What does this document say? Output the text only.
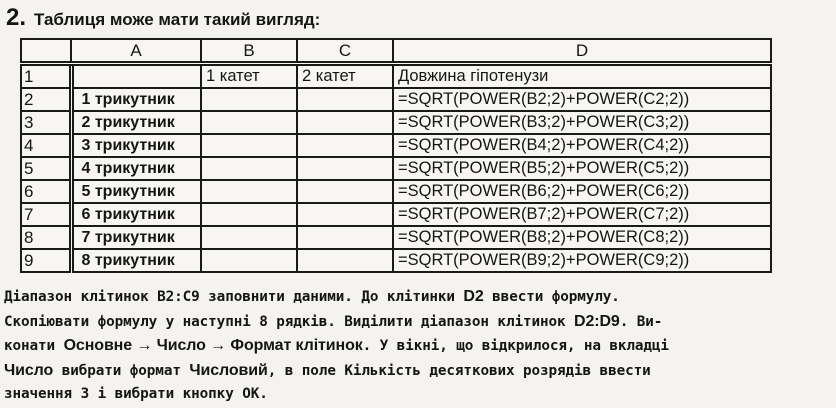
2. Таблиця може мати такий вигляд:
	A	B	C	D
1		1 катет	2 катет	Довжина гіпотенузи
2	1 трикутник			=SQRT(POWER(B2;2)+POWER(C2;2))
3	2 трикутник			=SQRT(POWER(B3;2)+POWER(C3;2))
4	3 трикутник			=SQRT(POWER(B4;2)+POWER(C4;2))
5	4 трикутник			=SQRT(POWER(B5;2)+POWER(C5;2))
6	5 трикутник			=SQRT(POWER(B6;2)+POWER(C6;2))
7	6 трикутник			=SQRT(POWER(B7;2)+POWER(C7;2))
8	7 трикутник			=SQRT(POWER(B8;2)+POWER(C8;2))
9	8 трикутник			=SQRT(POWER(B9;2)+POWER(C9;2))
Діапазон клітинок B2:C9 заповнити даними. До клітинки D2 ввести формулу.
Скопіювати формулу у наступні 8 рядків. Виділити діапазон клітинок D2:D9. Ви-
конати Основне → Число → Формат клітинок. У вікні, що відкрилося, на вкладці
Число вибрати формат Числовий, в поле Кількість десяткових розрядів ввести
значення 3 і вибрати кнопку ОК.
